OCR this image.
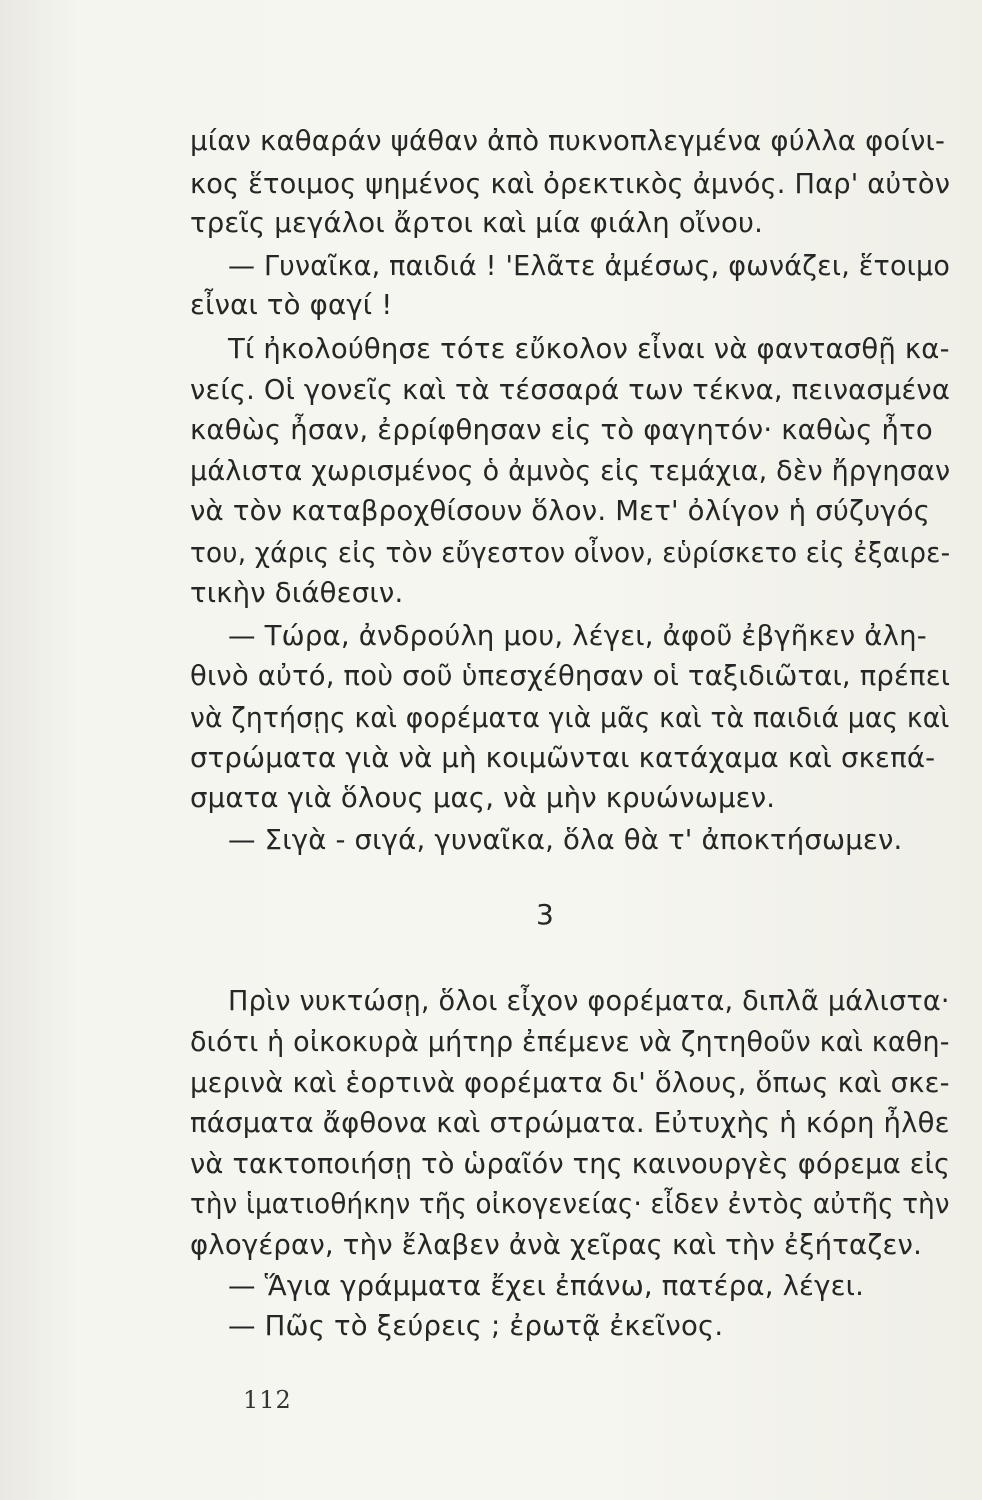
μίαν καθαράν ψάθαν ἀπὸ πυκνοπλεγμένα φύλλα φοίνι-
κος ἕτοιμος ψημένος καὶ ὀρεκτικὸς ἀμνός. Παρ' αὐτὸν
τρεῖς μεγάλοι ἄρτοι καὶ μία φιάλη οἴνου.
— Γυναῖκα, παιδιά ! 'Ελᾶτε ἀμέσως, φωνάζει, ἕτοιμο
εἶναι τὸ φαγί !
Τί ἠκολούθησε τότε εὔκολον εἶναι νὰ φαντασθῇ κα-
νείς. Οἱ γονεῖς καὶ τὰ τέσσαρά των τέκνα, πεινασμένα
καθὼς ἦσαν, ἐρρίφθησαν εἰς τὸ φαγητόν· καθὼς ἦτο
μάλιστα χωρισμένος ὁ ἀμνὸς εἰς τεμάχια, δὲν ἤργησαν
νὰ τὸν καταβροχθίσουν ὅλον. Μετ' ὀλίγον ἡ σύζυγός
του, χάρις εἰς τὸν εὔγεστον οἶνον, εὑρίσκετο εἰς ἐξαιρε-
τικὴν διάθεσιν.
— Τώρα, ἀνδρούλη μου, λέγει, ἀφοῦ ἐβγῆκεν ἀλη-
θινὸ αὐτό, ποὺ σοῦ ὑπεσχέθησαν οἱ ταξιδιῶται, πρέπει
νὰ ζητήσῃς καὶ φορέματα γιὰ μᾶς καὶ τὰ παιδιά μας καὶ
στρώματα γιὰ νὰ μὴ κοιμῶνται κατάχαμα καὶ σκεπά-
σματα γιὰ ὅλους μας, νὰ μὴν κρυώνωμεν.
— Σιγὰ - σιγά, γυναῖκα, ὅλα θὰ τ' ἀποκτήσωμεν.
3
Πρὶν νυκτώσῃ, ὅλοι εἶχον φορέματα, διπλᾶ μάλιστα·
διότι ἡ οἰκοκυρὰ μήτηρ ἐπέμενε νὰ ζητηθοῦν καὶ καθη-
μερινὰ καὶ ἑορτινὰ φορέματα δι' ὅλους, ὅπως καὶ σκε-
πάσματα ἄφθονα καὶ στρώματα. Εὐτυχὴς ἡ κόρη ἦλθε
νὰ τακτοποιήσῃ τὸ ὡραῖόν της καινουργὲς φόρεμα εἰς
τὴν ἱματιοθήκην τῆς οἰκογενείας· εἶδεν ἐντὸς αὐτῆς τὴν
φλογέραν, τὴν ἔλαβεν ἀνὰ χεῖρας καὶ τὴν ἐξήταζεν.
— Ἅγια γράμματα ἔχει ἐπάνω, πατέρα, λέγει.
— Πῶς τὸ ξεύρεις ; ἐρωτᾷ ἐκεῖνος.
112
